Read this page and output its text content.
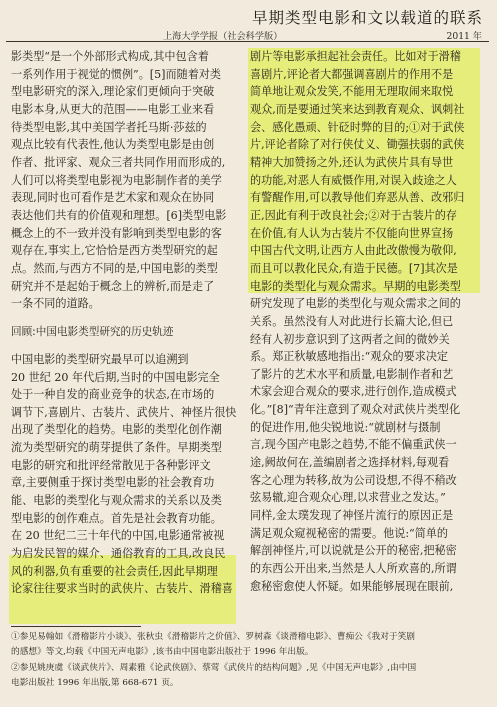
早期类型电影和文以载道的联系
上海大学学报（社会科学版）	2011 年

影类型“是一个外部形式构成,其中包含着

一系列作用于视觉的惯例”。[5]而随着对类

型电影研究的深入,理论家们更倾向于突破

电影本身,从更大的范围——电影工业来看

待类型电影,其中美国学者托马斯·莎兹的

观点比较有代表性,他认为类型电影是由创

作者、批评家、观众三者共同作用而形成的,

人们可以将类型电影视为电影制作者的美学

表现,同时也可看作是艺术家和观众在协同

表达他们共有的价值观和理想。[6]类型电影

概念上的不一致并没有影响到类型电影的客

观存在,事实上,它恰恰是西方类型研究的起

点。然而,与西方不同的是,中国电影的类型

研究并不是起始于概念上的辨析,而是走了

一条不同的道路。

回顾:中国电影类型研究的历史轨迹

中国电影的类型研究最早可以追溯到

20 世纪 20 年代后期,当时的中国电影完全

处于一种自发的商业竞争的状态,在市场的

调节下,喜剧片、古装片、武侠片、神怪片很快

出现了类型化的趋势。电影的类型化创作潮

流为类型研究的萌芽提供了条件。早期类型

电影的研究和批评经常散见于各种影评文

章,主要侧重于探讨类型电影的社会教育功

能、电影的类型化与观众需求的关系以及类

型电影的创作难点。首先是社会教育功能。

在 20 世纪二三十年代的中国,电影通常被视

为启发民智的媒介、通俗教育的工具,改良民

风的利器,负有重要的社会责任,因此早期理

论家往往要求当时的武侠片、古装片、滑稽喜

剧片等电影承担起社会责任。比如对于滑稽

喜剧片,评论者大都强调喜剧片的作用不是

简单地让观众发笑,不能用无理取闹来取悦

观众,而是要通过笑来达到教育观众、讽刺社

会、感化愚顽、针砭时弊的目的;①对于武侠

片,评论者除了对行侠仗义、锄强扶弱的武侠

精神大加赞扬之外,还认为武侠片具有导世

的功能,对恶人有威慑作用,对误入歧途之人

有警醒作用,可以教导他们弃恶从善、改邪归

正,因此有利于改良社会;②对于古装片的存

在价值,有人认为古装片不仅能向世界宣扬

中国古代文明,让西方人由此改傲慢为敬仰,

而且可以教化民众,有造于民德。[7]其次是

电影的类型化与观众需求。早期的电影类型

研究发现了电影的类型化与观众需求之间的

关系。虽然没有人对此进行长篇大论,但已

经有人初步意识到了这两者之间的微妙关

系。郑正秋敏感地指出:“观众的要求决定

了影片的艺术水平和质量,电影制作者和艺

术家会迎合观众的要求,进行创作,造成模式

化。”[8]“青年注意到了观众对武侠片类型化

的促进作用,他尖锐地说:“就剧材与摄制

言,现今国产电影之趋势,不能不偏重武侠一

途,阙故何在,盖编剧者之选择材料,每观看

客之心理为转移,故为公司设想,不得不稍改

弦易辙,迎合观众心理,以求营业之发达。”

同样,金太璞发现了神怪片流行的原因正是

满足观众窥视秘密的需要。他说:“简单的

解剖神怪片,可以说就是公开的秘密,把秘密

的东西公开出来,当然是人人所欢喜的,所谓

愈秘密愈使人怀疑。如果能够展现在眼前,

①参见易翰如《滑稽影片小谈》、张秋虫《滑稽影片之价值》、罗树森《谈滑稽电影》、曹痴公《我对于笑剧
的感想》等文,均载《中国无声电影》,该书由中国电影出版社于 1996 年出版。
②参见姚庚虞《谈武侠片》、周素雅《论武侠剧》、蔡莺《武侠片的结构问题》,见《中国无声电影》,由中国
电影出版社 1996 年出版,第 668-671 页。
